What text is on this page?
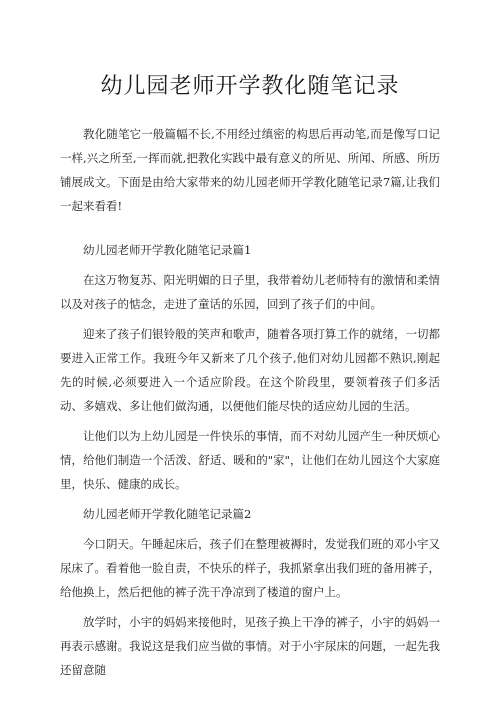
幼儿园老师开学教化随笔记录

教化随笔它一般篇幅不长,不用经过缜密的构思后再动笔,而是像写口记一样,兴之所至,一挥而就,把教化实践中最有意义的所见、所闻、所感、所历铺展成文。下面是由给大家带来的幼儿园老师开学教化随笔记录7篇,让我们一起来看看!

幼儿园老师开学教化随笔记录篇1

在这万物复苏、阳光明媚的日子里，我带着幼儿老师特有的激情和柔情以及对孩子的惦念，走进了童话的乐园，回到了孩子们的中间。

迎来了孩子们银铃般的笑声和歌声，随着各项打算工作的就绪，一切都要进入正常工作。我班今年又新来了几个孩子,他们对幼儿园都不熟识,刚起先的时候,必须要进入一个适应阶段。在这个阶段里，要领着孩子们多活动、多嬉戏、多让他们做沟通，以便他们能尽快的适应幼儿园的生活。

让他们以为上幼儿园是一件快乐的事情，而不对幼儿园产生一种厌烦心情，给他们制造一个活泼、舒适、暖和的"家"，让他们在幼儿园这个大家庭里，快乐、健康的成长。

幼儿园老师开学教化随笔记录篇2

今口阴天。午睡起床后，孩子们在整理被褥时，发觉我们班的邓小宇又尿床了。看着他一脸自责，不快乐的样子，我抓紧拿出我们班的备用裤子，给他换上，然后把他的裤子洗干净凉到了楼道的窗户上。

放学时，小宇的妈妈来接他时，见孩子换上干净的裤子，小宇的妈妈一再表示感谢。我说这是我们应当做的事情。对于小宇尿床的问题，一起先我还留意随
